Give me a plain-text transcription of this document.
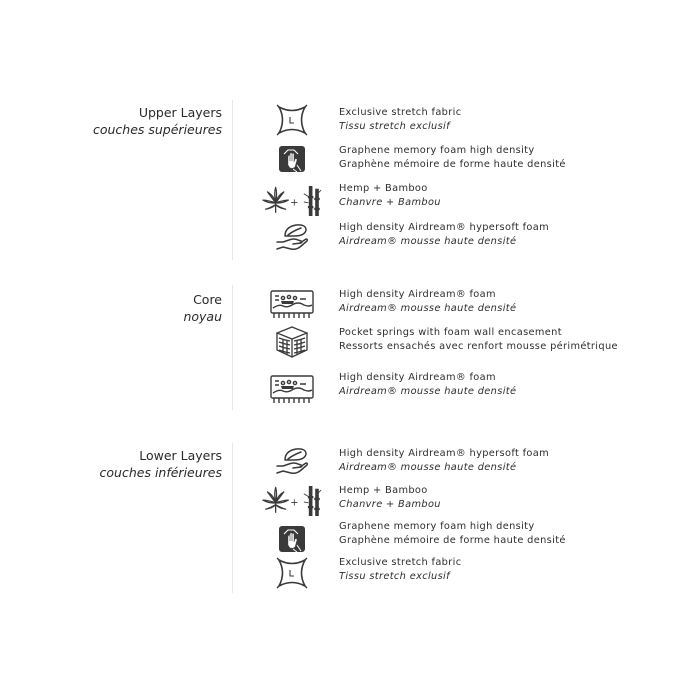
Upper Layers
couches supérieures
Core
noyau
Lower Layers
couches inférieures
Exclusive stretch fabric
Tissu stretch exclusif
Graphene memory foam high density
Graphène mémoire de forme haute densité
Hemp + Bamboo
Chanvre + Bambou
High density Airdream® hypersoft foam
Airdream® mousse haute densité
High density Airdream® foam
Airdream® mousse haute densité
Pocket springs with foam wall encasement
Ressorts ensachés avec renfort mousse périmétrique
High density Airdream® foam
Airdream® mousse haute densité
High density Airdream® hypersoft foam
Airdream® mousse haute densité
Hemp + Bamboo
Chanvre + Bambou
Graphene memory foam high density
Graphène mémoire de forme haute densité
Exclusive stretch fabric
Tissu stretch exclusif
